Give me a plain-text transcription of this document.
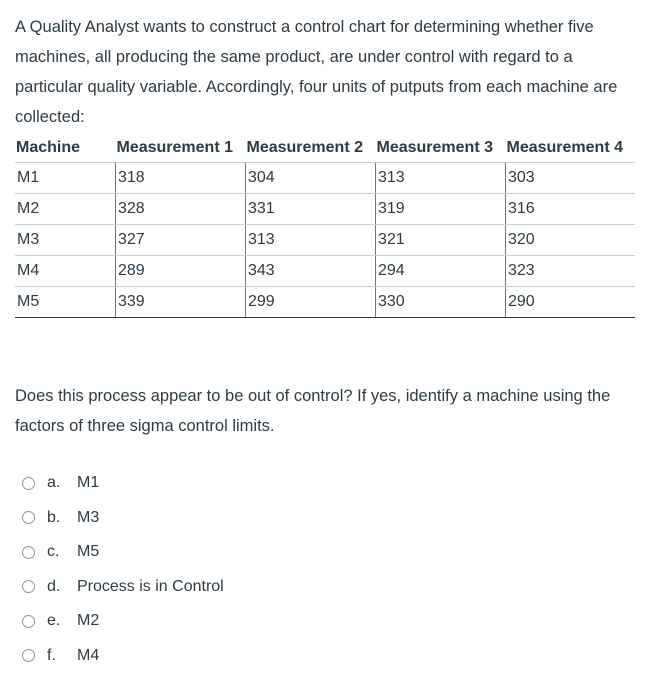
A Quality Analyst wants to construct a control chart for determining whether five machines, all producing the same product, are under control with regard to a particular quality variable. Accordingly, four units of putputs from each machine are collected:
Machine	Measurement 1	Measurement 2	Measurement 3	Measurement 4
M1	318	304	313	303
M2	328	331	319	316
M3	327	313	321	320
M4	289	343	294	323
M5	339	299	330	290
Does this process appear to be out of control? If yes, identify a machine using the factors of three sigma control limits.
a.	M1
b.	M3
c.	M5
d.	Process is in Control
e.	M2
f.	M4
